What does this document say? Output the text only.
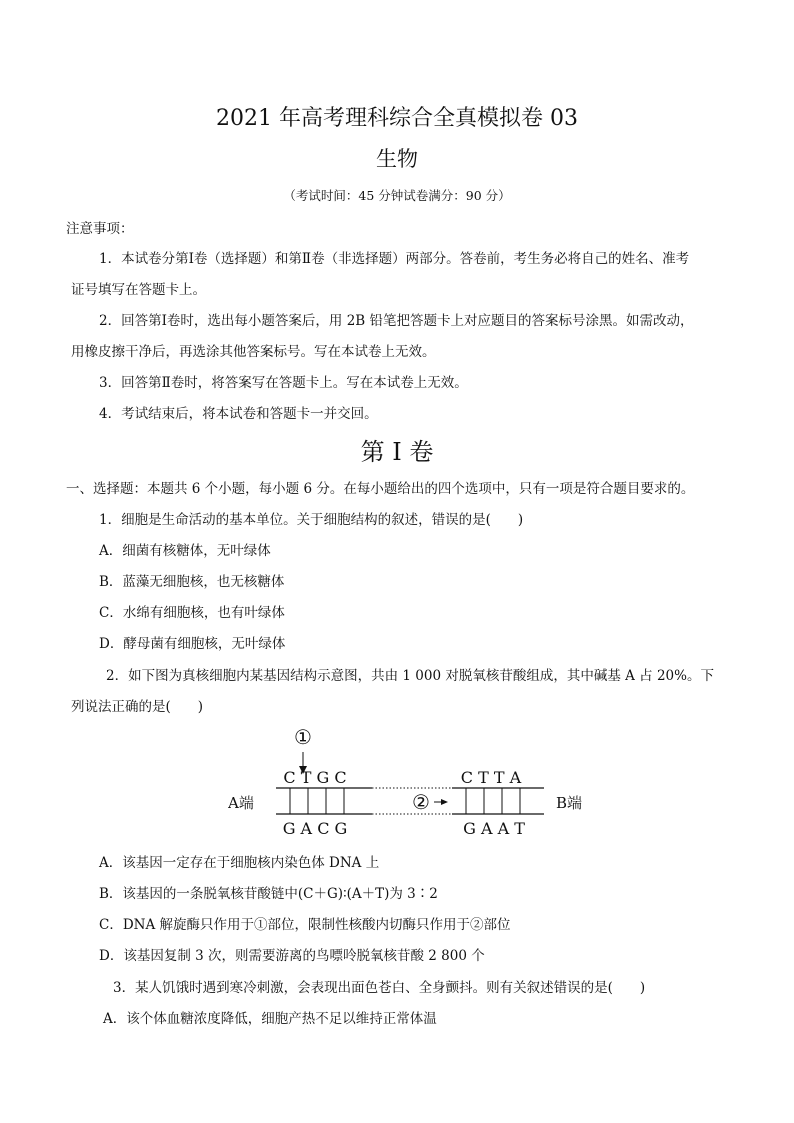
2021 年高考理科综合全真模拟卷 03
生物
（考试时间：45 分钟试卷满分：90 分）
注意事项：
1．本试卷分第Ⅰ卷（选择题）和第Ⅱ卷（非选择题）两部分。答卷前，考生务必将自己的姓名、准考
证号填写在答题卡上。
2．回答第Ⅰ卷时，选出每小题答案后，用 2B 铅笔把答题卡上对应题目的答案标号涂黑。如需改动，
用橡皮擦干净后，再选涂其他答案标号。写在本试卷上无效。
3．回答第Ⅱ卷时，将答案写在答题卡上。写在本试卷上无效。
4．考试结束后，将本试卷和答题卡一并交回。
第 I 卷
一、选择题：本题共 6 个小题，每小题 6 分。在每小题给出的四个选项中，只有一项是符合题目要求的。
1．细胞是生命活动的基本单位。关于细胞结构的叙述，错误的是(　　)
A．细菌有核糖体，无叶绿体
B．蓝藻无细胞核，也无核糖体
C．水绵有细胞核，也有叶绿体
D．酵母菌有细胞核，无叶绿体
2．如下图为真核细胞内某基因结构示意图，共由 1 000 对脱氧核苷酸组成，其中碱基 A 占 20%。下
列说法正确的是(　　)
①
C T G C	C T T A
A端	B端
②
G A C G	G A A T
A．该基因一定存在于细胞核内染色体 DNA 上
B．该基因的一条脱氧核苷酸链中(C＋G)∶(A＋T)为 3∶2
C．DNA 解旋酶只作用于①部位，限制性核酸内切酶只作用于②部位
D．该基因复制 3 次，则需要游离的鸟嘌呤脱氧核苷酸 2 800 个
3．某人饥饿时遇到寒冷刺激，会表现出面色苍白、全身颤抖。则有关叙述错误的是(　　)
A．该个体血糖浓度降低，细胞产热不足以维持正常体温
